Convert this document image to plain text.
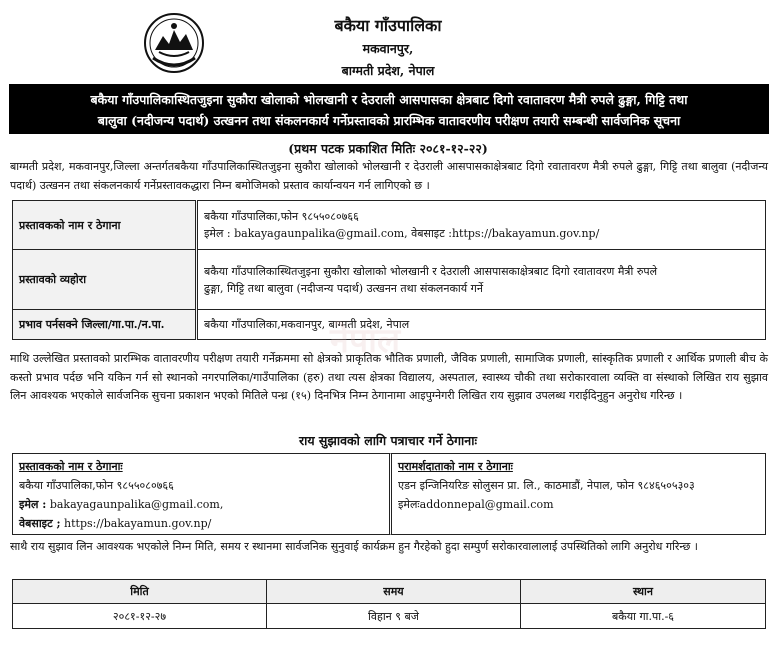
बकैया गाँउपालिका
मकवानपुर,
बाग्मती प्रदेश, नेपाल
बकैया गाँउपालिकास्थितजुइना सुकौरा खोलाको भोलखानी र देउराली आसपासका क्षेत्रबाट दिगो रवातावरण मैत्री रुपले ढुङ्गा, गिट्टि तथा
बालुवा (नदीजन्य पदार्थ) उत्खनन तथा संकलनकार्य गर्नेप्रस्तावको प्रारम्भिक वातावरणीय परीक्षण तयारी सम्बन्धी सार्वजनिक सूचना
(प्रथम पटक प्रकाशित मितिः २०८१-१२-२२)
बाग्मती प्रदेश, मकवानपुर,जिल्ला अन्तर्गतबकैया गाँउपालिकास्थितजुइना सुकौरा खोलाको भोलखानी र देउराली आसपासकाक्षेत्रबाट दिगो रवातावरण मैत्री रुपले ढुङ्गा, गिट्टि तथा बालुवा (नदीजन्य पदार्थ) उत्खनन तथा संकलनकार्य गर्नेप्रस्तावकद्धारा निम्न बमोजिमको प्रस्ताव कार्यान्वयन गर्न लागिएको छ ।
प्रस्तावकको नाम र ठेगाना	बकैया गाँउपालिका,फोन ९८५५०८०७६६
इमेल : bakayagaunpalika@gmail.com, वेबसाइट :https://bakayamun.gov.np/

प्रस्तावको व्यहोरा	बकैया गाँउपालिकास्थितजुइना सुकौरा खोलाको भोलखानी र देउराली आसपासकाक्षेत्रबाट दिगो रवातावरण मैत्री रुपले
ढुङ्गा, गिट्टि तथा बालुवा (नदीजन्य पदार्थ) उत्खनन तथा संकलनकार्य गर्ने

प्रभाव पर्नसक्ने जिल्ला/गा.पा./न.पा.	बकैया गाँउपालिका,मकवानपुर, बाग्मती प्रदेश, नेपाल
नेपाल
माथि उल्लेखित प्रस्तावको प्रारम्भिक वातावरणीय परीक्षण तयारी गर्नेक्रममा सो क्षेत्रको प्राकृतिक भौतिक प्रणाली, जैविक प्रणाली, सामाजिक प्रणाली, सांस्कृतिक प्रणाली र आर्थिक प्रणाली बीच के कस्तो प्रभाव पर्दछ भनि यकिन गर्न सो स्थानको नगरपालिका/गाउँपालिका (हरु) तथा त्यस क्षेत्रका विद्यालय, अस्पताल, स्वास्थ्य चौकी तथा सरोकारवाला व्यक्ति वा संस्थाको लिखित राय सुझाव लिन आवश्यक भएकोले सार्वजनिक सुचना प्रकाशन भएको मितिले पन्ध्र (१५) दिनभित्र निम्न ठेगानामा आइपुग्नेगरी लिखित राय सुझाव उपलब्ध गराईदिनुहुन अनुरोध गरिन्छ ।
राय सुझावको लागि पत्राचार गर्ने ठेगानाः
प्रस्तावकको नाम र ठेगानाः
बकैया गाँउपालिका,फोन ९८५५०८०७६६
इमेल : bakayagaunpalika@gmail.com,
वेबसाइट ; https://bakayamun.gov.np/
परामर्शदाताको नाम र ठेगानाः
एडन इन्जिनियरिङ सोलुसन प्रा. लि., काठमाडौं, नेपाल, फोन ९८४६५०५३०३
इमेलःaddonnepal@gmail.com
साथै राय सुझाव लिन आवश्यक भएकोले निम्न मिति, समय र स्थानमा सार्वजनिक सुनुवाई कार्यक्रम हुन गैरहेको हुदा सम्पुर्ण सरोकारवालालाई उपस्थितिको लागि अनुरोध गरिन्छ ।
मिति	समय	स्थान
२०८१-१२-२७	विहान ९ बजे	बकैया गा.पा.-६
